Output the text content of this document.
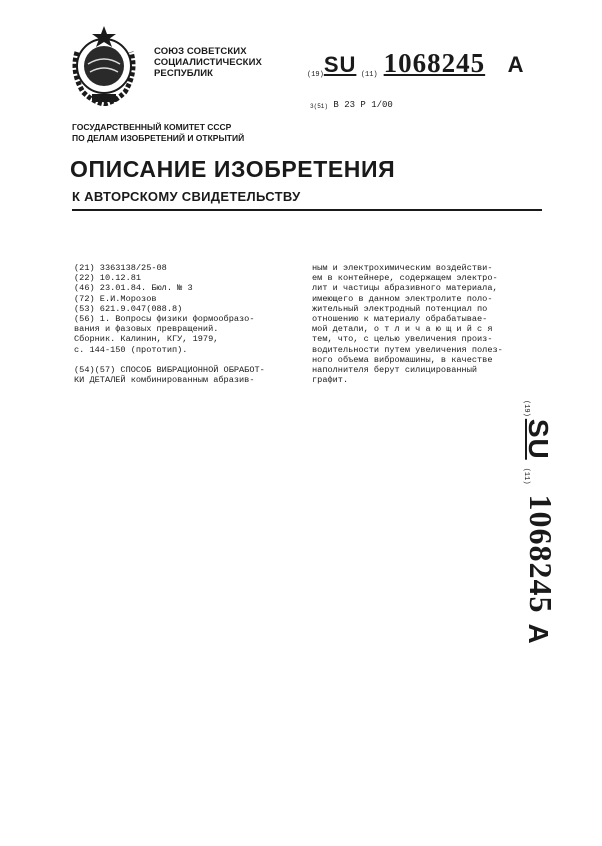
СОЮЗ СОВЕТСКИХ
СОЦИАЛИСТИЧЕСКИХ
РЕСПУБЛИК	(19)SU (11) 1068245 A
3(51) B 23 P 1/00
ГОСУДАРСТВЕННЫЙ КОМИТЕТ СССР
ПО ДЕЛАМ ИЗОБРЕТЕНИЙ И ОТКРЫТИЙ
ОПИСАНИЕ ИЗОБРЕТЕНИЯ
К АВТОРСКОМУ СВИДЕТЕЛЬСТВУ
(21) 3363138/25-08
(22) 10.12.81
(46) 23.01.84. Бюл. № 3
(72) Е.И.Морозов
(53) 621.9.047(088.8)
(56) 1. Вопросы физики формообразо-
вания и фазовых превращений.
Сборник. Калинин, КГУ, 1979,
с. 144-150 (прототип).
(54)(57) СПОСОБ ВИБРАЦИОННОЙ ОБРАБОТ-
КИ ДЕТАЛЕЙ комбинированным абразив-
ным и электрохимическим воздействи-
ем в контейнере, содержащем электро-
лит и частицы абразивного материала,
имеющего в данном электролите поло-
жительный электродный потенциал по
отношению к материалу обрабатывае-
мой детали, о т л и ч а ю щ и й с я
тем, что, с целью увеличения произ-
водительности путем увеличения полез-
ного объема вибромашины, в качестве
наполнителя берут силицированный
графит.
(19)
SU
(11)
1068245
A
